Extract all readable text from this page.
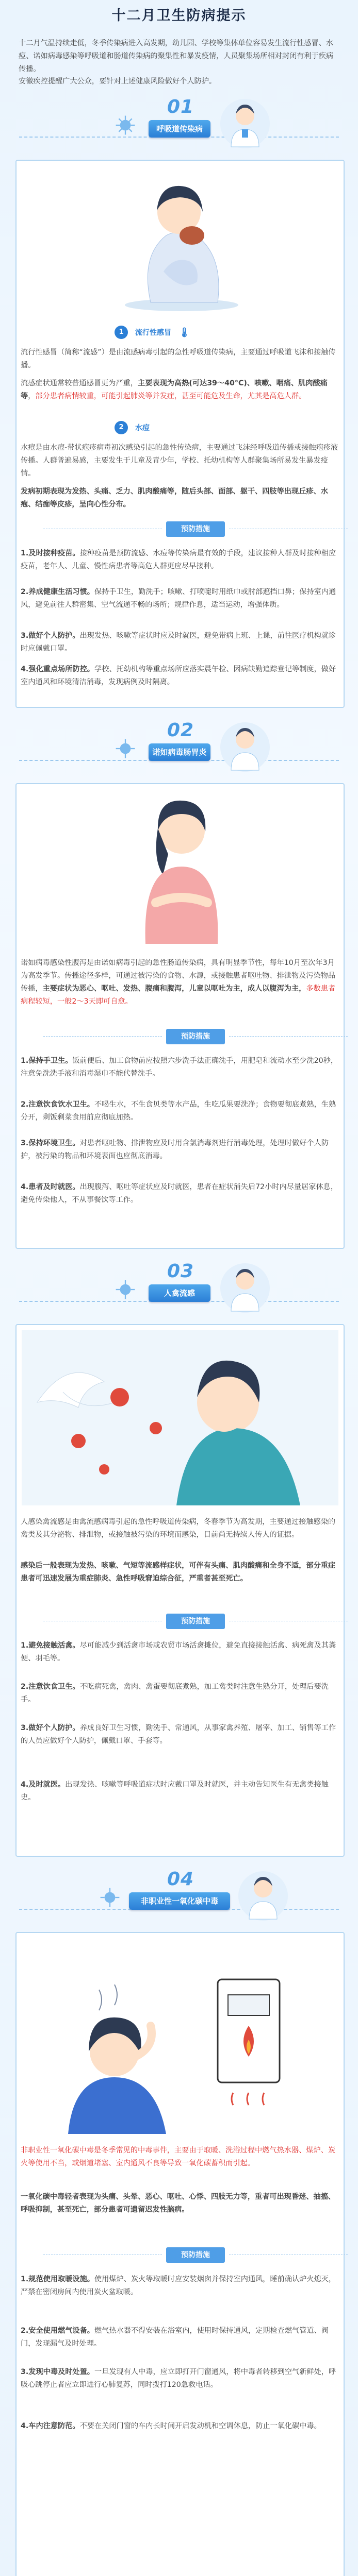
十二月卫生防病提示
十二月气温持续走低，冬季传染病进入高发期，幼儿园、学校等集体单位容易发生流行性感冒、水痘、诺如病毒感染等呼吸道和肠道传染病的聚集性和暴发疫情，人员聚集场所相对封闭有利于疾病传播。
安徽疾控提醒广大公众，要针对上述健康风险做好个人防护。
01
呼吸道传染病
1	流行性感冒 🌡
流行性感冒（简称“流感”）是由流感病毒引起的急性呼吸道传染病，主要通过呼吸道飞沫和接触传播。
流感症状通常较普通感冒更为严重，主要表现为高热(可达39～40°C)、咳嗽、咽痛、肌肉酸痛等，部分患者病情较重，可能引起肺炎等并发症，甚至可能危及生命，尤其是高危人群。
2	水痘
水痘是由水痘-带状疱疹病毒初次感染引起的急性传染病，主要通过飞沫经呼吸道传播或接触疱疹液传播。人群普遍易感，主要发生于儿童及青少年，学校、托幼机构等人群聚集场所易发生暴发疫情。
发病初期表现为发热、头痛、乏力、肌肉酸痛等，随后头部、面部、躯干、四肢等出现丘疹、水疱、结痂等皮疹，呈向心性分布。
预防措施
1.及时接种疫苗。接种疫苗是预防流感、水痘等传染病最有效的手段，建议接种人群及时接种相应疫苗，老年人、儿童、慢性病患者等高危人群更应尽早接种。
2.养成健康生活习惯。保持手卫生，勤洗手；咳嗽、打喷嚏时用纸巾或肘部遮挡口鼻；保持室内通风，避免前往人群密集、空气流通不畅的场所；规律作息，适当运动，增强体质。
3.做好个人防护。出现发热、咳嗽等症状时应及时就医，避免带病上班、上课，前往医疗机构就诊时应佩戴口罩。
4.强化重点场所防控。学校、托幼机构等重点场所应落实晨午检、因病缺勤追踪登记等制度，做好室内通风和环境清洁消毒，发现病例及时隔离。
02
诺如病毒肠胃炎
诺如病毒感染性腹泻是由诺如病毒引起的急性肠道传染病，具有明显季节性，每年10月至次年3月为高发季节。传播途径多样，可通过被污染的食物、水源，或接触患者呕吐物、排泄物及污染物品传播，主要症状为恶心、呕吐、发热、腹痛和腹泻，儿童以呕吐为主，成人以腹泻为主，多数患者病程较短，一般2～3天即可自愈。
预防措施
1.保持手卫生。饭前便后、加工食物前应按照六步洗手法正确洗手，用肥皂和流动水至少洗20秒，注意免洗洗手液和消毒湿巾不能代替洗手。
2.注意饮食饮水卫生。不喝生水，不生食贝类等水产品，生吃瓜果要洗净；食物要彻底煮熟，生熟分开，剩饭剩菜食用前应彻底加热。
3.保持环境卫生。对患者呕吐物、排泄物应及时用含氯消毒剂进行消毒处理，处理时做好个人防护，被污染的物品和环境表面也应彻底消毒。
4.患者及时就医。出现腹泻、呕吐等症状应及时就医，患者在症状消失后72小时内尽量居家休息，避免传染他人，不从事餐饮等工作。
03
人禽流感
人感染禽流感是由禽流感病毒引起的急性呼吸道传染病，冬春季节为高发期，主要通过接触感染的禽类及其分泌物、排泄物，或接触被污染的环境而感染，目前尚无持续人传人的证据。
感染后一般表现为发热、咳嗽、气短等流感样症状，可伴有头痛、肌肉酸痛和全身不适，部分重症患者可迅速发展为重症肺炎、急性呼吸窘迫综合征，严重者甚至死亡。
预防措施
1.避免接触活禽。尽可能减少到活禽市场或农贸市场活禽摊位，避免直接接触活禽、病死禽及其粪便、羽毛等。
2.注意饮食卫生。不吃病死禽，禽肉、禽蛋要彻底煮熟，加工禽类时注意生熟分开，处理后要洗手。
3.做好个人防护。养成良好卫生习惯，勤洗手、常通风，从事家禽养殖、屠宰、加工、销售等工作的人员应做好个人防护，佩戴口罩、手套等。
4.及时就医。出现发热、咳嗽等呼吸道症状时应戴口罩及时就医，并主动告知医生有无禽类接触史。
04
非职业性一氧化碳中毒
非职业性一氧化碳中毒是冬季常见的中毒事件，主要由于取暖、洗浴过程中燃气热水器、煤炉、炭火等使用不当，或烟道堵塞、室内通风不良等导致一氧化碳蓄积而引起。
一氧化碳中毒轻者表现为头痛、头晕、恶心、呕吐、心悸、四肢无力等，重者可出现昏迷、抽搐、呼吸抑制，甚至死亡，部分患者可遗留迟发性脑病。
预防措施
1.规范使用取暖设施。使用煤炉、炭火等取暖时应安装烟囱并保持室内通风，睡前确认炉火熄灭，严禁在密闭房间内使用炭火盆取暖。
2.安全使用燃气设备。燃气热水器不得安装在浴室内，使用时保持通风，定期检查燃气管道、阀门，发现漏气及时处理。
3.发现中毒及时处置。一旦发现有人中毒，应立即打开门窗通风，将中毒者转移到空气新鲜处，呼吸心跳停止者应立即进行心肺复苏，同时拨打120急救电话。
4.车内注意防范。不要在关闭门窗的车内长时间开启发动机和空调休息，防止一氧化碳中毒。
